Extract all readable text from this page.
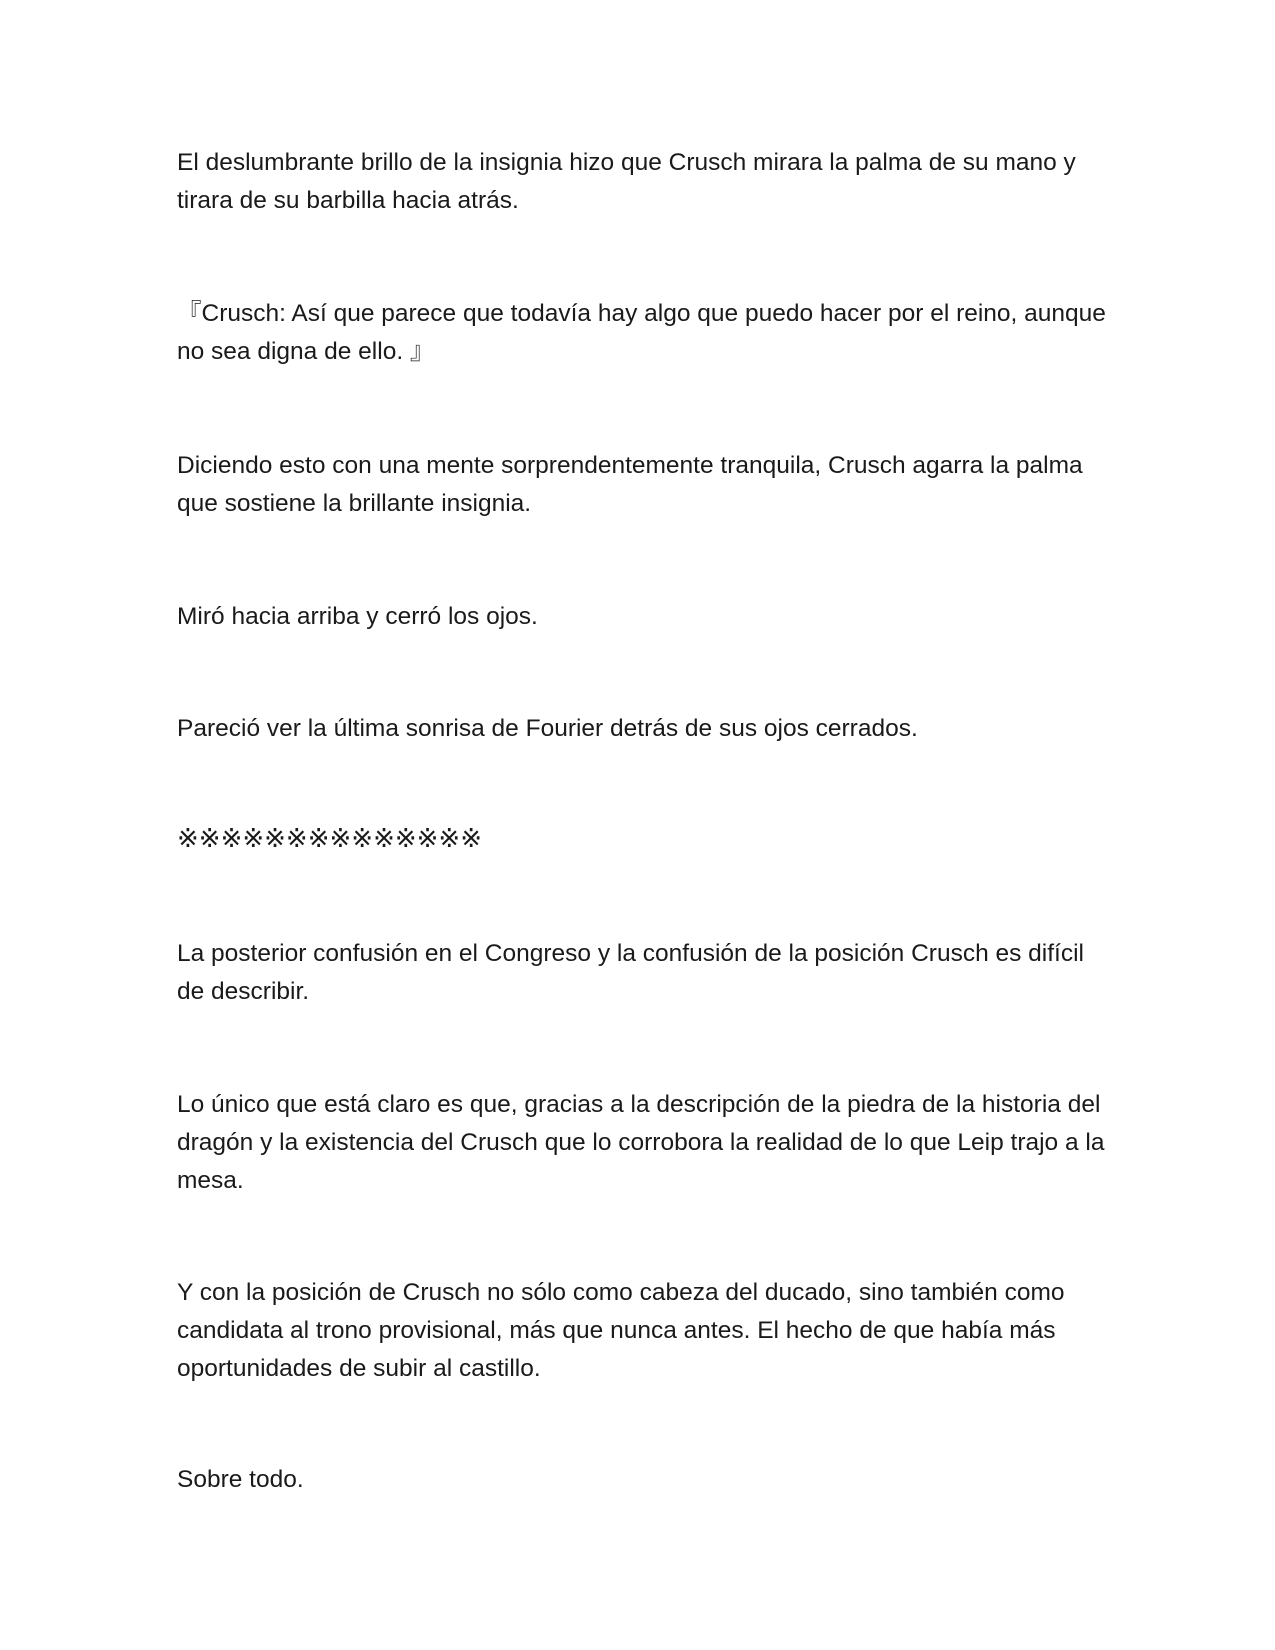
El deslumbrante brillo de la insignia hizo que Crusch mirara la palma de su mano y tirara de su barbilla hacia atrás.

『Crusch: Así que parece que todavía hay algo que puedo hacer por el reino, aunque no sea digna de ello. 』

Diciendo esto con una mente sorprendentemente tranquila, Crusch agarra la palma que sostiene la brillante insignia.

Miró hacia arriba y cerró los ojos.

Pareció ver la última sonrisa de Fourier detrás de sus ojos cerrados.

※※※※※※※※※※※※※※

La posterior confusión en el Congreso y la confusión de la posición Crusch es difícil de describir.

Lo único que está claro es que, gracias a la descripción de la piedra de la historia del dragón y la existencia del Crusch que lo corrobora la realidad de lo que Leip trajo a la mesa.

Y con la posición de Crusch no sólo como cabeza del ducado, sino también como candidata al trono provisional, más que nunca antes. El hecho de que había más oportunidades de subir al castillo.

Sobre todo.
